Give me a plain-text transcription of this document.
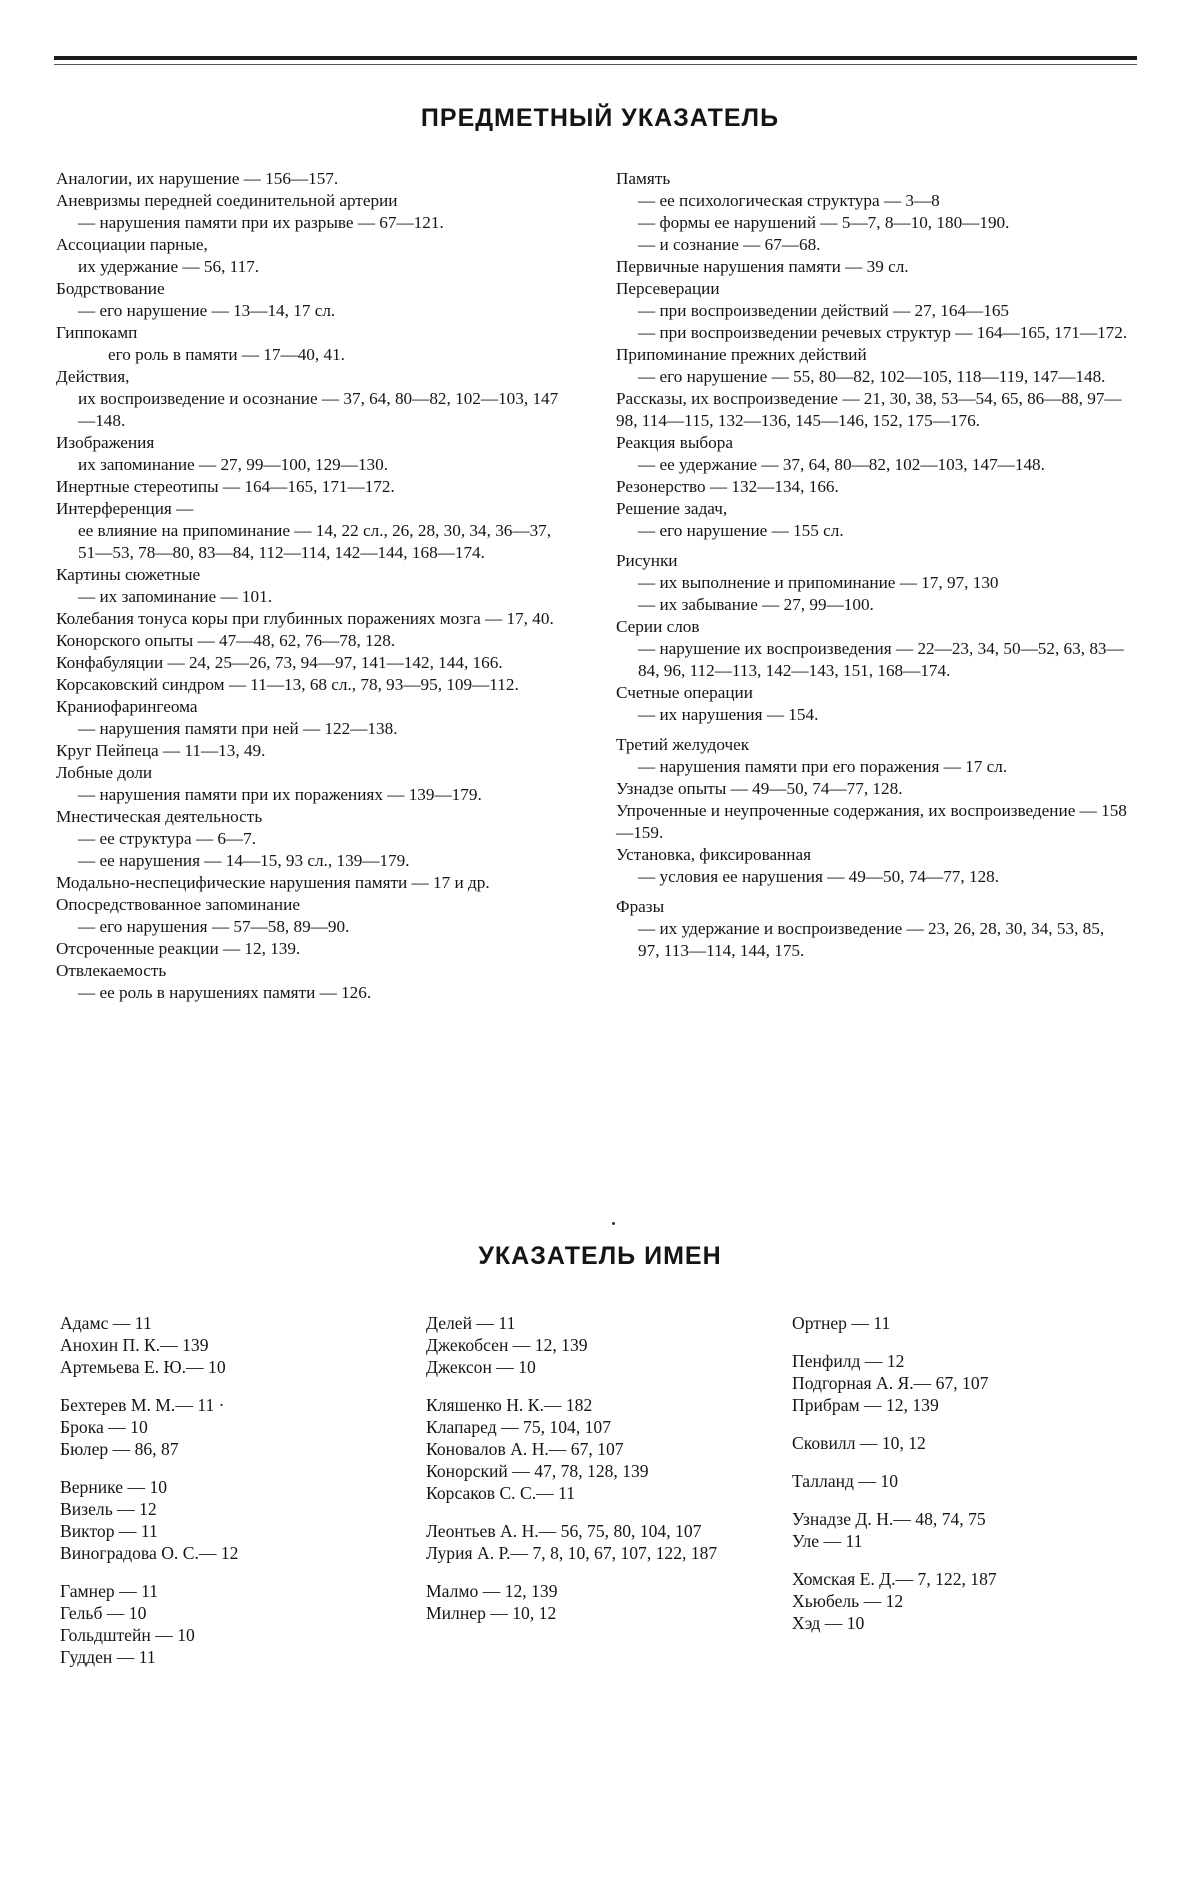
ПРЕДМЕТНЫЙ УКАЗАТЕЛЬ

Аналогии, их нарушение — 156—157.

Аневризмы передней соединительной артерии
— нарушения памяти при их разрыве — 67—121.

Ассоциации парные,
их удержание — 56, 117.

Бодрствование
— его нарушение — 13—14, 17 сл.

Гиппокамп
его роль в памяти — 17—40, 41.

Действия,
их воспроизведение и осознание — 37, 64, 80—82, 102—103, 147—148.

Изображения
их запоминание — 27, 99—100, 129—130.

Инертные стереотипы — 164—165, 171—172.

Интерференция —
ее влияние на припоминание — 14, 22 сл., 26, 28, 30, 34, 36—37, 51—53, 78—80, 83—84, 112—114, 142—144, 168—174.

Картины сюжетные
— их запоминание — 101.

Колебания тонуса коры при глубинных поражениях мозга — 17, 40.

Конорского опыты — 47—48, 62, 76—78, 128.

Конфабуляции — 24, 25—26, 73, 94—97, 141—142, 144, 166.

Корсаковский синдром — 11—13, 68 сл., 78, 93—95, 109—112.

Краниофарингеома
— нарушения памяти при ней — 122—138.

Круг Пейпеца — 11—13, 49.

Лобные доли
— нарушения памяти при их поражениях — 139—179.

Мнестическая деятельность
— ее структура — 6—7.
— ее нарушения — 14—15, 93 сл., 139—179.

Модально-неспецифические нарушения памяти — 17 и др.

Опосредствованное запоминание
— его нарушения — 57—58, 89—90.

Отсроченные реакции — 12, 139.

Отвлекаемость
— ее роль в нарушениях памяти — 126.

Память
— ее психологическая структура — 3—8
— формы ее нарушений — 5—7, 8—10, 180—190.
— и сознание — 67—68.

Первичные нарушения памяти — 39 сл.

Персеверации
— при воспроизведении действий — 27, 164—165
— при воспроизведении речевых структур — 164—165, 171—172.

Припоминание прежних действий
— его нарушение — 55, 80—82, 102—105, 118—119, 147—148.

Рассказы, их воспроизведение — 21, 30, 38, 53—54, 65, 86—88, 97—98, 114—115, 132—136, 145—146, 152, 175—176.

Реакция выбора
— ее удержание — 37, 64, 80—82, 102—103, 147—148.

Резонерство — 132—134, 166.

Решение задач,
— его нарушение — 155 сл.

Рисунки
— их выполнение и припоминание — 17, 97, 130
— их забывание — 27, 99—100.

Серии слов
— нарушение их воспроизведения — 22—23, 34, 50—52, 63, 83—84, 96, 112—113, 142—143, 151, 168—174.

Счетные операции
— их нарушения — 154.

Третий желудочек
— нарушения памяти при его поражения — 17 сл.

Узнадзе опыты — 49—50, 74—77, 128.

Упроченные и неупроченные содержания, их воспроизведение — 158—159.

Установка, фиксированная
— условия ее нарушения — 49—50, 74—77, 128.

Фразы
— их удержание и воспроизведение — 23, 26, 28, 30, 34, 53, 85, 97, 113—114, 144, 175.

УКАЗАТЕЛЬ ИМЕН
Адамс — 11
Анохин П. К.— 139
Артемьева Е. Ю.— 10
Бехтерев М. М.— 11 ·
Брока — 10
Бюлер — 86, 87
Вернике — 10
Визель — 12
Виктор — 11
Виноградова О. С.— 12
Гамнер — 11
Гельб — 10
Гольдштейн — 10
Гудден — 11
Делей — 11
Джекобсен — 12, 139
Джексон — 10
Кляшенко Н. К.— 182
Клапаред — 75, 104, 107
Коновалов А. Н.— 67, 107
Конорский — 47, 78, 128, 139
Корсаков С. С.— 11
Леонтьев А. Н.— 56, 75, 80, 104, 107
Лурия А. Р.— 7, 8, 10, 67, 107, 122, 187
Малмо — 12, 139
Милнер — 10, 12
Ортнер — 11
Пенфилд — 12
Подгорная А. Я.— 67, 107
Прибрам — 12, 139
Сковилл — 10, 12
Талланд — 10
Узнадзе Д. Н.— 48, 74, 75
Уле — 11
Хомская Е. Д.— 7, 122, 187
Хьюбель — 12
Хэд — 10
